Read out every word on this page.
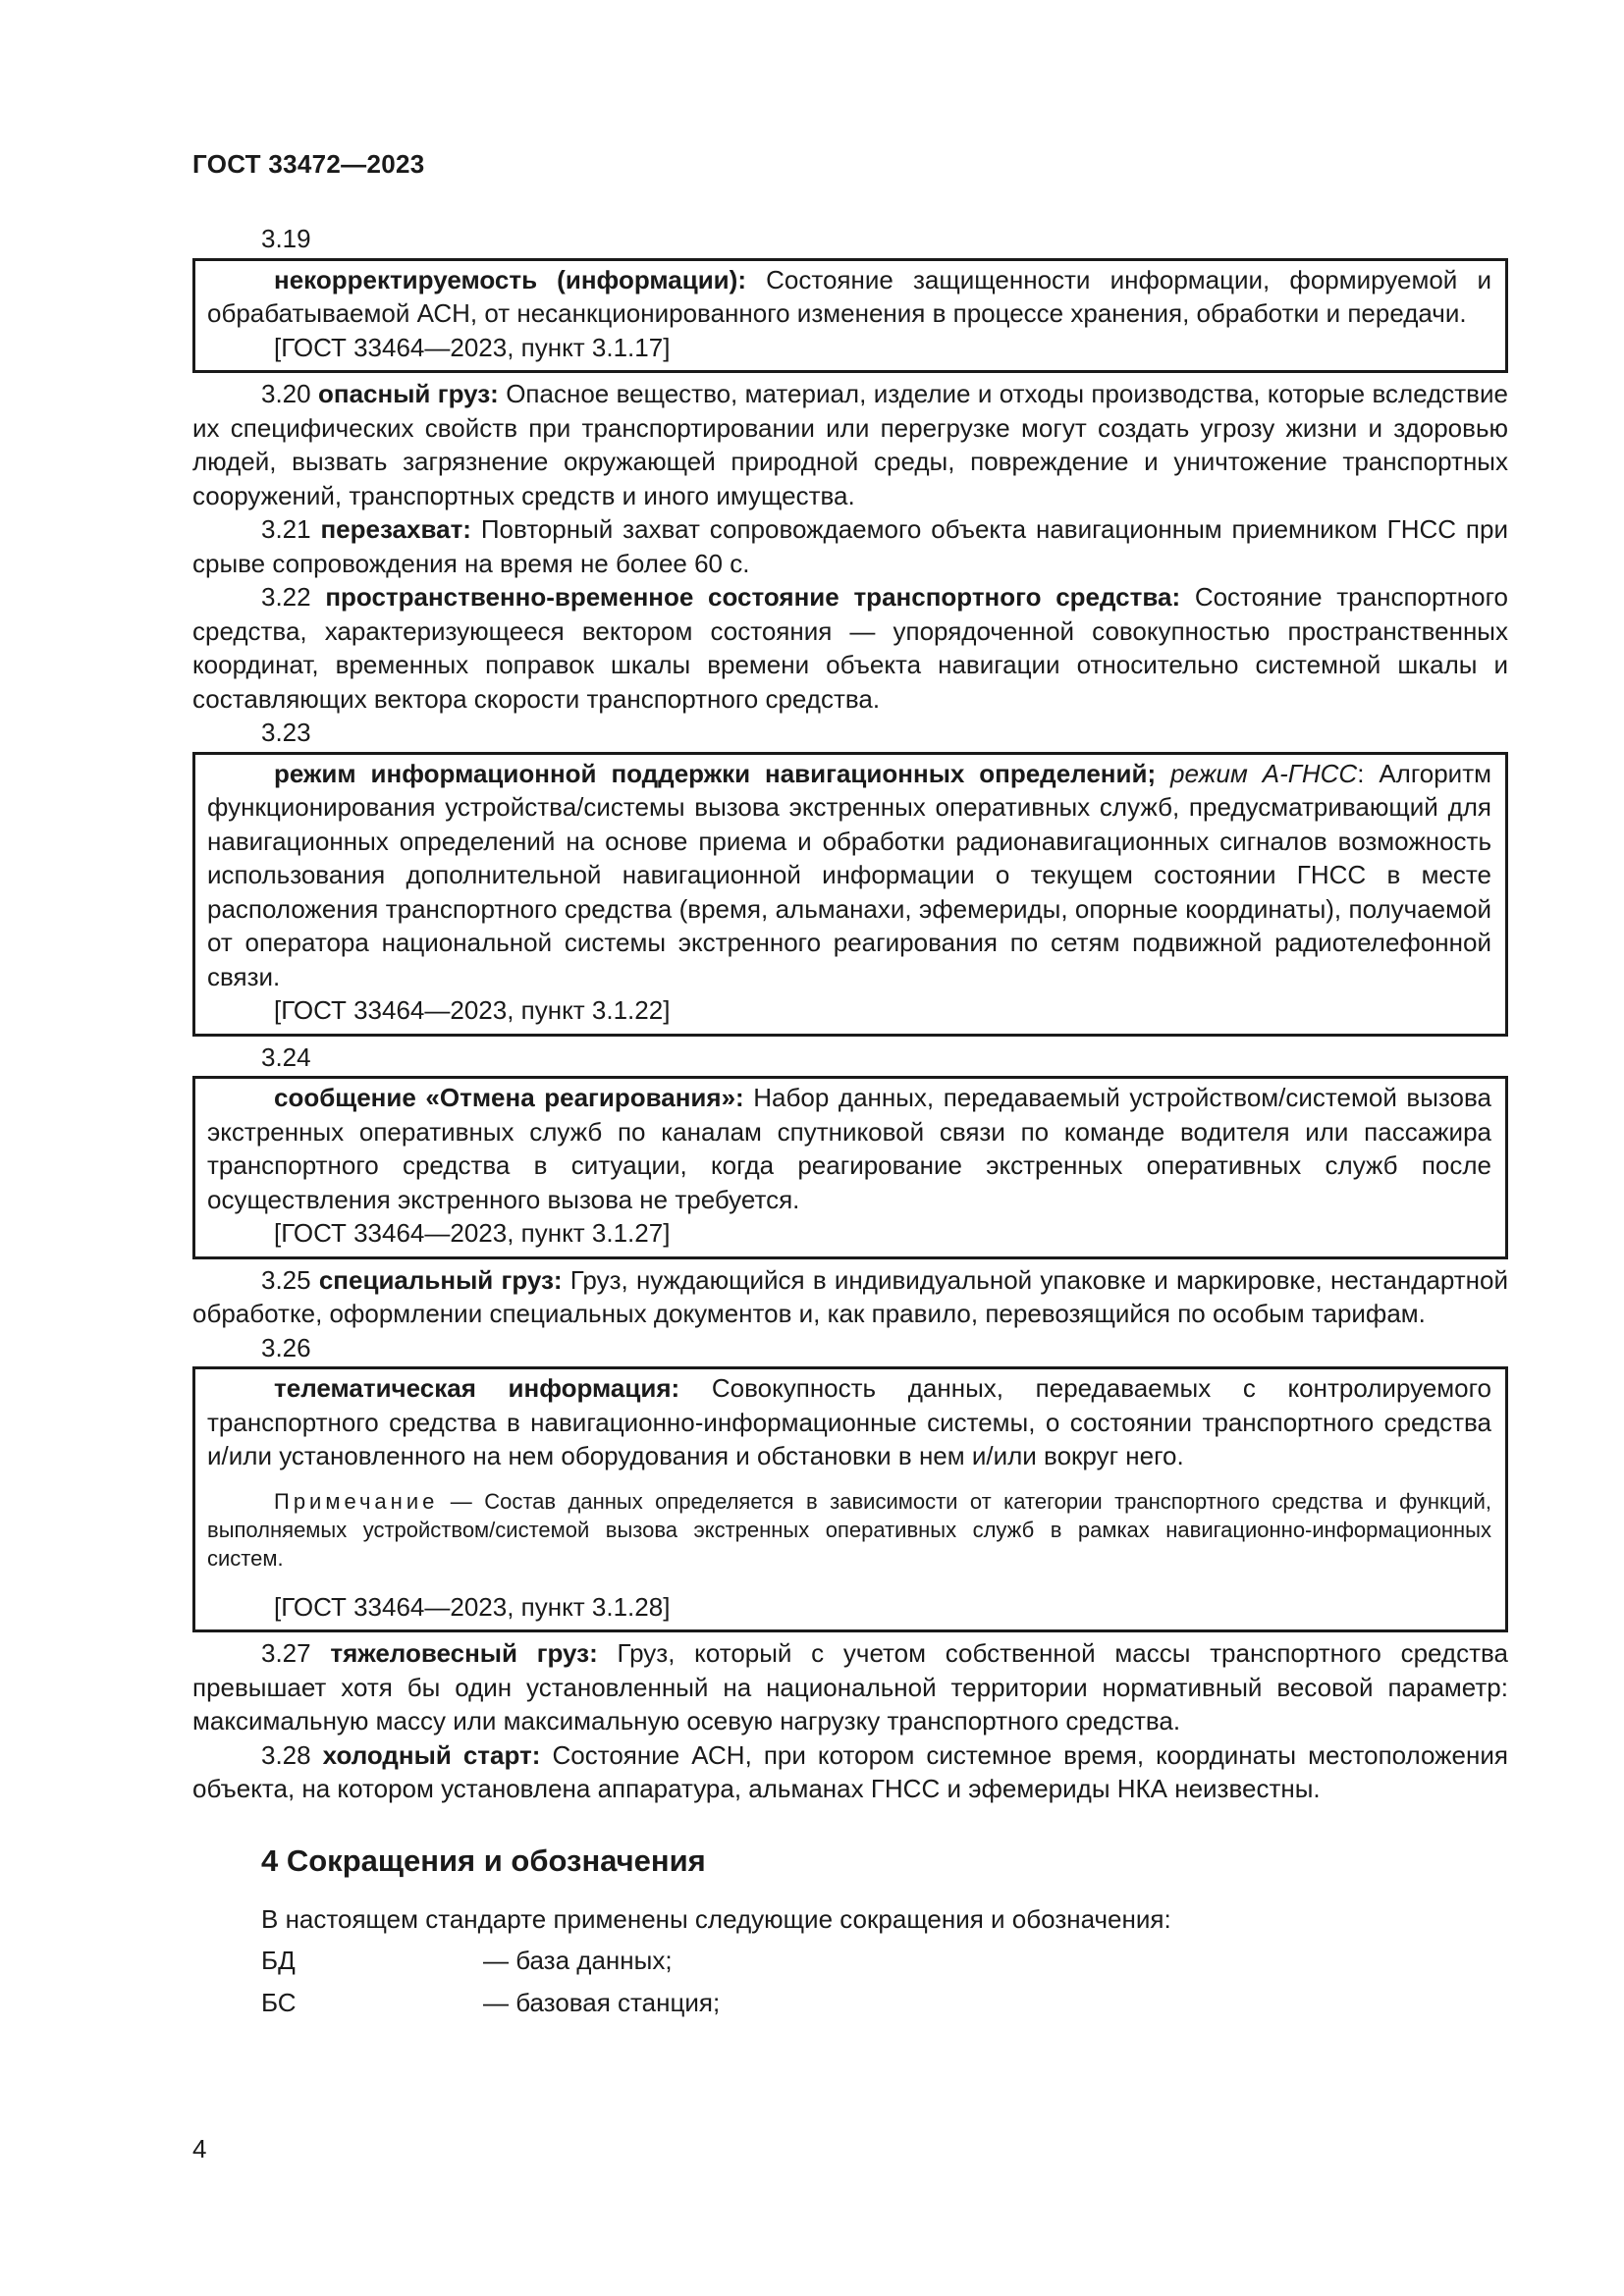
ГОСТ 33472—2023
3.19

некорректируемость (информации): Состояние защищенности информации, формируемой и обрабатываемой АСН, от несанкционированного изменения в процессе хранения, обработки и передачи.

[ГОСТ 33464—2023, пункт 3.1.17]

3.20 опасный груз: Опасное вещество, материал, изделие и отходы производства, которые вследствие их специфических свойств при транспортировании или перегрузке могут создать угрозу жизни и здоровью людей, вызвать загрязнение окружающей природной среды, повреждение и уничтожение транспортных сооружений, транспортных средств и иного имущества.

3.21 перезахват: Повторный захват сопровождаемого объекта навигационным приемником ГНСС при срыве сопровождения на время не более 60 с.

3.22 пространственно-временное состояние транспортного средства: Состояние транспортного средства, характеризующееся вектором состояния — упорядоченной совокупностью пространственных координат, временных поправок шкалы времени объекта навигации относительно системной шкалы и составляющих вектора скорости транспортного средства.

3.23

режим информационной поддержки навигационных определений; режим А-ГНСС: Алгоритм функционирования устройства/системы вызова экстренных оперативных служб, предусматривающий для навигационных определений на основе приема и обработки радионавигационных сигналов возможность использования дополнительной навигационной информации о текущем состоянии ГНСС в месте расположения транспортного средства (время, альманахи, эфемериды, опорные координаты), получаемой от оператора национальной системы экстренного реагирования по сетям подвижной радиотелефонной связи.

[ГОСТ 33464—2023, пункт 3.1.22]
3.24

сообщение «Отмена реагирования»: Набор данных, передаваемый устройством/системой вызова экстренных оперативных служб по каналам спутниковой связи по команде водителя или пассажира транспортного средства в ситуации, когда реагирование экстренных оперативных служб после осуществления экстренного вызова не требуется.

[ГОСТ 33464—2023, пункт 3.1.27]

3.25 специальный груз: Груз, нуждающийся в индивидуальной упаковке и маркировке, нестандартной обработке, оформлении специальных документов и, как правило, перевозящийся по особым тарифам.

3.26

телематическая информация: Совокупность данных, передаваемых с контролируемого транспортного средства в навигационно-информационные системы, о состоянии транспортного средства и/или установленного на нем оборудования и обстановки в нем и/или вокруг него.

Примечание — Состав данных определяется в зависимости от категории транспортного средства и функций, выполняемых устройством/системой вызова экстренных оперативных служб в рамках навигационно-информационных систем.

[ГОСТ 33464—2023, пункт 3.1.28]

3.27 тяжеловесный груз: Груз, который с учетом собственной массы транспортного средства превышает хотя бы один установленный на национальной территории нормативный весовой параметр: максимальную массу или максимальную осевую нагрузку транспортного средства.

3.28 холодный старт: Состояние АСН, при котором системное время, координаты местоположения объекта, на котором установлена аппаратура, альманах ГНСС и эфемериды НКА неизвестны.

4 Сокращения и обозначения

В настоящем стандарте применены следующие сокращения и обозначения:

БД	— база данных;
БС	— базовая станция;
4
